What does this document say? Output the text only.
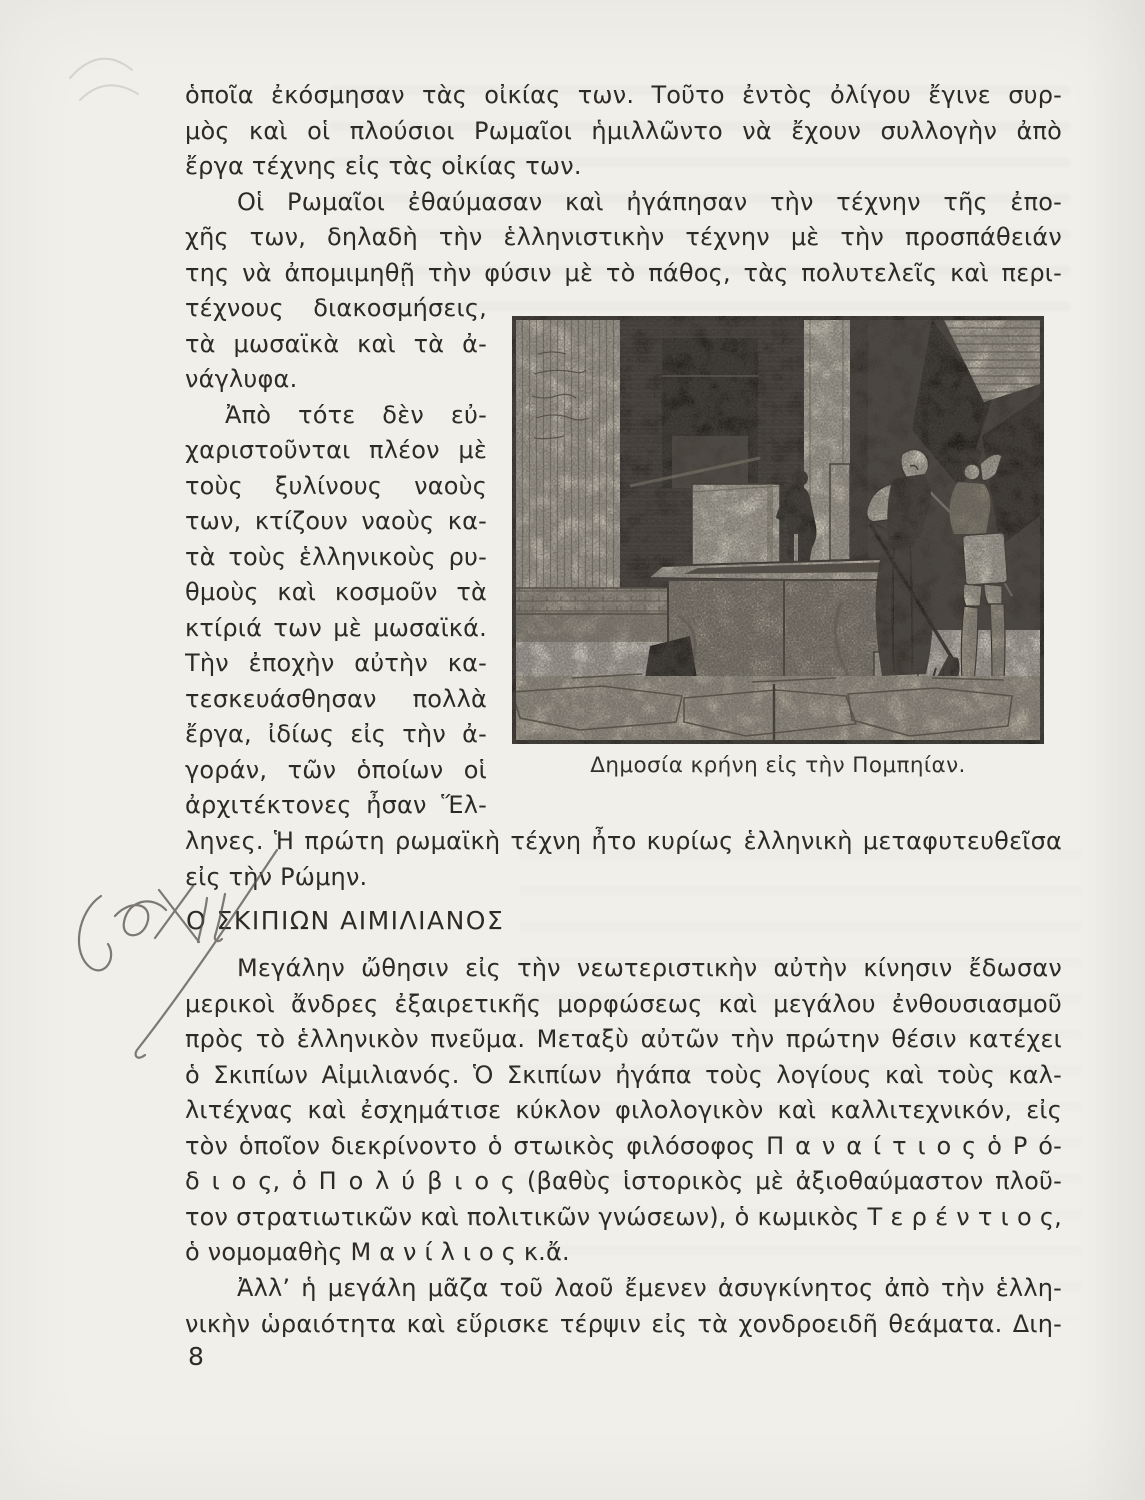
ὁποῖα ἐκόσμησαν τὰς οἰκίας των. Τοῦτο ἐντὸς ὀλίγου ἔγινε συρ-
μὸς καὶ οἱ πλούσιοι Ρωμαῖοι ἡμιλλῶντο νὰ ἔχουν συλλογὴν ἀπὸ
ἔργα τέχνης εἰς τὰς οἰκίας των.
Οἱ Ρωμαῖοι ἐθαύμασαν καὶ ἠγάπησαν τὴν τέχνην τῆς ἐπο-
χῆς των, δηλαδὴ τὴν ἑλληνιστικὴν τέχνην μὲ τὴν προσπάθειάν
της νὰ ἀπομιμηθῇ τὴν φύσιν μὲ τὸ πάθος, τὰς πολυτελεῖς καὶ περι-
τέχνους διακοσμήσεις,
τὰ μωσαϊκὰ καὶ τὰ ἀ-
νάγλυφα.
Ἀπὸ τότε δὲν εὐ-
χαριστοῦνται πλέον μὲ
τοὺς ξυλίνους ναοὺς
των, κτίζουν ναοὺς κα-
τὰ τοὺς ἑλληνικοὺς ρυ-
θμοὺς καὶ κοσμοῦν τὰ
κτίριά των μὲ μωσαϊκά.
Τὴν ἐποχὴν αὐτὴν κα-
τεσκευάσθησαν πολλὰ
ἔργα, ἰδίως εἰς τὴν ἀ-
γοράν, τῶν ὁποίων οἱ
ἀρχιτέκτονες ἦσαν Ἕλ-
Δημοσία κρήνη εἰς τὴν Πομπηίαν.
ληνες. Ἡ πρώτη ρωμαϊκὴ τέχνη ἦτο κυρίως ἑλληνικὴ μεταφυτευθεῖσα
εἰς τὴν Ρώμην.
Ο ΣΚΙΠΙΩΝ ΑΙΜΙΛΙΑΝΟΣ
Μεγάλην ὤθησιν εἰς τὴν νεωτεριστικὴν αὐτὴν κίνησιν ἔδωσαν
μερικοὶ ἄνδρες ἐξαιρετικῆς μορφώσεως καὶ μεγάλου ἐνθουσιασμοῦ
πρὸς τὸ ἑλληνικὸν πνεῦμα. Μεταξὺ αὐτῶν τὴν πρώτην θέσιν κατέχει
ὁ Σκιπίων Αἰμιλιανός. Ὁ Σκιπίων ἠγάπα τοὺς λογίους καὶ τοὺς καλ-
λιτέχνας καὶ ἐσχημάτισε κύκλον φιλολογικὸν καὶ καλλιτεχνικόν, εἰς
τὸν ὁποῖον διεκρίνοντο ὁ στωικὸς φιλόσοφος Π α ν α ί τ ι ο ς ὁ Ρ ό-
δ ι ο ς, ὁ Π ο λ ύ β ι ο ς (βαθὺς ἱστορικὸς μὲ ἀξιοθαύμαστον πλοῦ-
τον στρατιωτικῶν καὶ πολιτικῶν γνώσεων), ὁ κωμικὸς Τ ε ρ έ ν τ ι ο ς,
ὁ νομομαθὴς Μ α ν ί λ ι ο ς κ.ἄ.
Ἀλλ’ ἡ μεγάλη μᾶζα τοῦ λαοῦ ἔμενεν ἀσυγκίνητος ἀπὸ τὴν ἑλλη-
νικὴν ὡραιότητα καὶ εὕρισκε τέρψιν εἰς τὰ χονδροειδῆ θεάματα. Διη-
8
